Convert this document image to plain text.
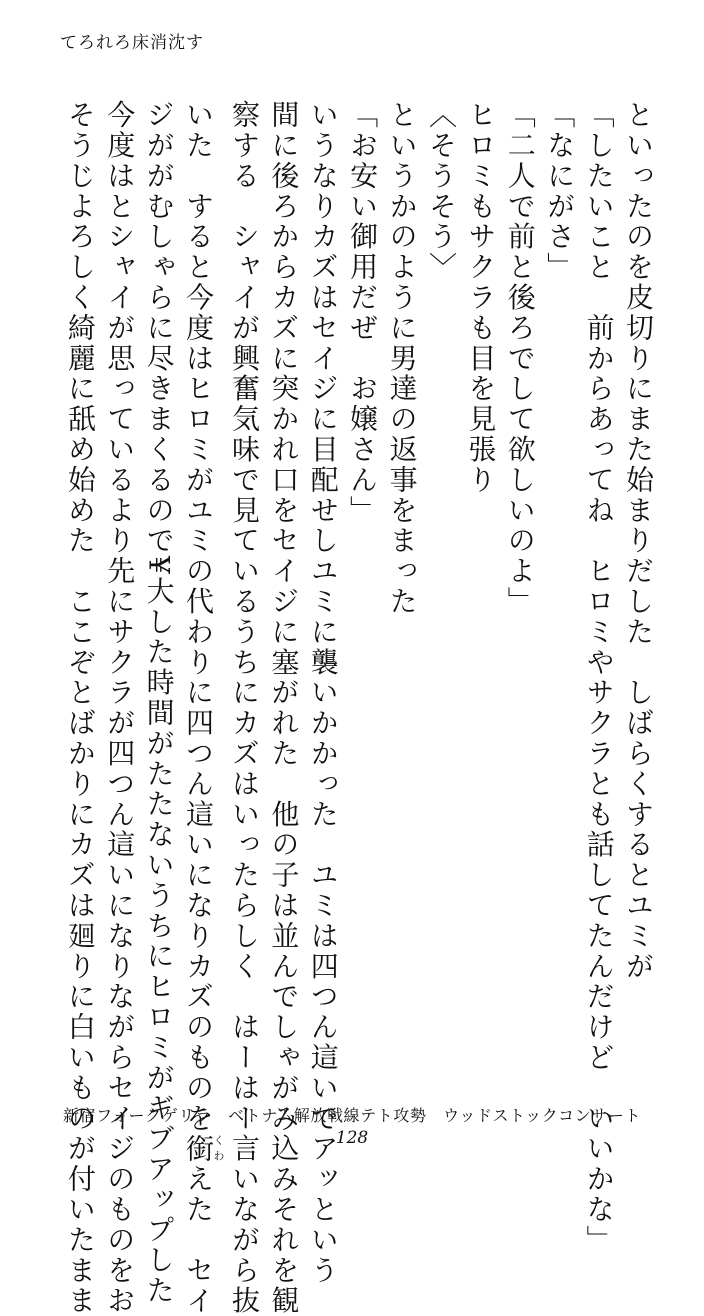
てろれろ床消沈す
といったのを皮切りにまた始まりだした　しばらくするとユミが
「したいこと　前からあってね　ヒロミやサクラとも話してたんだけど　いいかな」
「なにがさ」
「二人で前と後ろでして欲しいのよ」
ヒロミもサクラも目を見張り
〈そうそう〉
というかのように男達の返事をまった
「お安い御用だぜ　お嬢さん」
いうなりカズはセイジに目配せしユミに襲いかかった　ユミは四つん這いでアッという
間に後ろからカズに突かれ口をセイジに塞がれた　他の子は並んでしゃがみ込みそれを観
察する　シャイが興奮気味で見ているうちにカズはいったらしく　はーはー言いながら抜
いた　すると今度はヒロミがユミの代わりに四つん這いになりカズのものを銜くわえた　セイ
ジががむしゃらに尽きまくるので¥大した時間がたたないうちにヒロミがギブアップした
今度はとシャイが思っているより先にサクラが四つん這いになりながらセイジのものをお
そうじよろしく綺麗に舐め始めた　ここぞとばかりにカズは廻りに白いものが付いたまま
新宿フォークゲリラ　ベトナム解放戦線テト攻勢　ウッドストックコンサート
128
